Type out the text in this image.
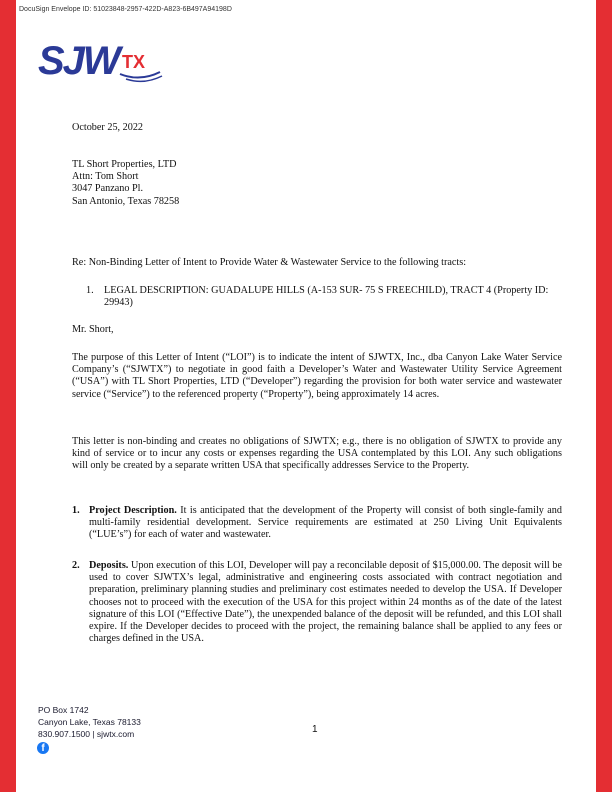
DocuSign Envelope ID: 51023848-2957-422D-A823-6B497A94198D
SJW TX
October 25, 2022
TL Short Properties, LTD
Attn: Tom Short
3047 Panzano Pl.
San Antonio, Texas 78258
Re: Non-Binding Letter of Intent to Provide Water & Wastewater Service to the following tracts:
1. LEGAL DESCRIPTION: GUADALUPE HILLS (A-153 SUR- 75 S FREECHILD), TRACT 4 (Property ID: 29943)
Mr. Short,
The purpose of this Letter of Intent (“LOI”) is to indicate the intent of SJWTX, Inc., dba Canyon Lake Water Service Company’s (“SJWTX”) to negotiate in good faith a Developer’s Water and Wastewater Utility Service Agreement (“USA”) with TL Short Properties, LTD (“Developer”) regarding the provision for both water service and wastewater service (“Service”) to the referenced property (“Property”), being approximately 14 acres.
This letter is non-binding and creates no obligations of SJWTX; e.g., there is no obligation of SJWTX to provide any kind of service or to incur any costs or expenses regarding the USA contemplated by this LOI. Any such obligations will only be created by a separate written USA that specifically addresses Service to the Property.
1. Project Description. It is anticipated that the development of the Property will consist of both single-family and multi-family residential development. Service requirements are estimated at 250 Living Unit Equivalents (“LUE’s”) for each of water and wastewater.
2. Deposits. Upon execution of this LOI, Developer will pay a reconcilable deposit of $15,000.00. The deposit will be used to cover SJWTX’s legal, administrative and engineering costs associated with contract negotiation and preparation, preliminary planning studies and preliminary cost estimates needed to develop the USA. If Developer chooses not to proceed with the execution of the USA for this project within 24 months as of the date of the latest signature of this LOI (“Effective Date”), the unexpended balance of the deposit will be refunded, and this LOI shall expire. If the Developer decides to proceed with the project, the remaining balance shall be applied to any fees or charges defined in the USA.
PO Box 1742
Canyon Lake, Texas 78133
830.907.1500 | sjwtx.com
f
1
